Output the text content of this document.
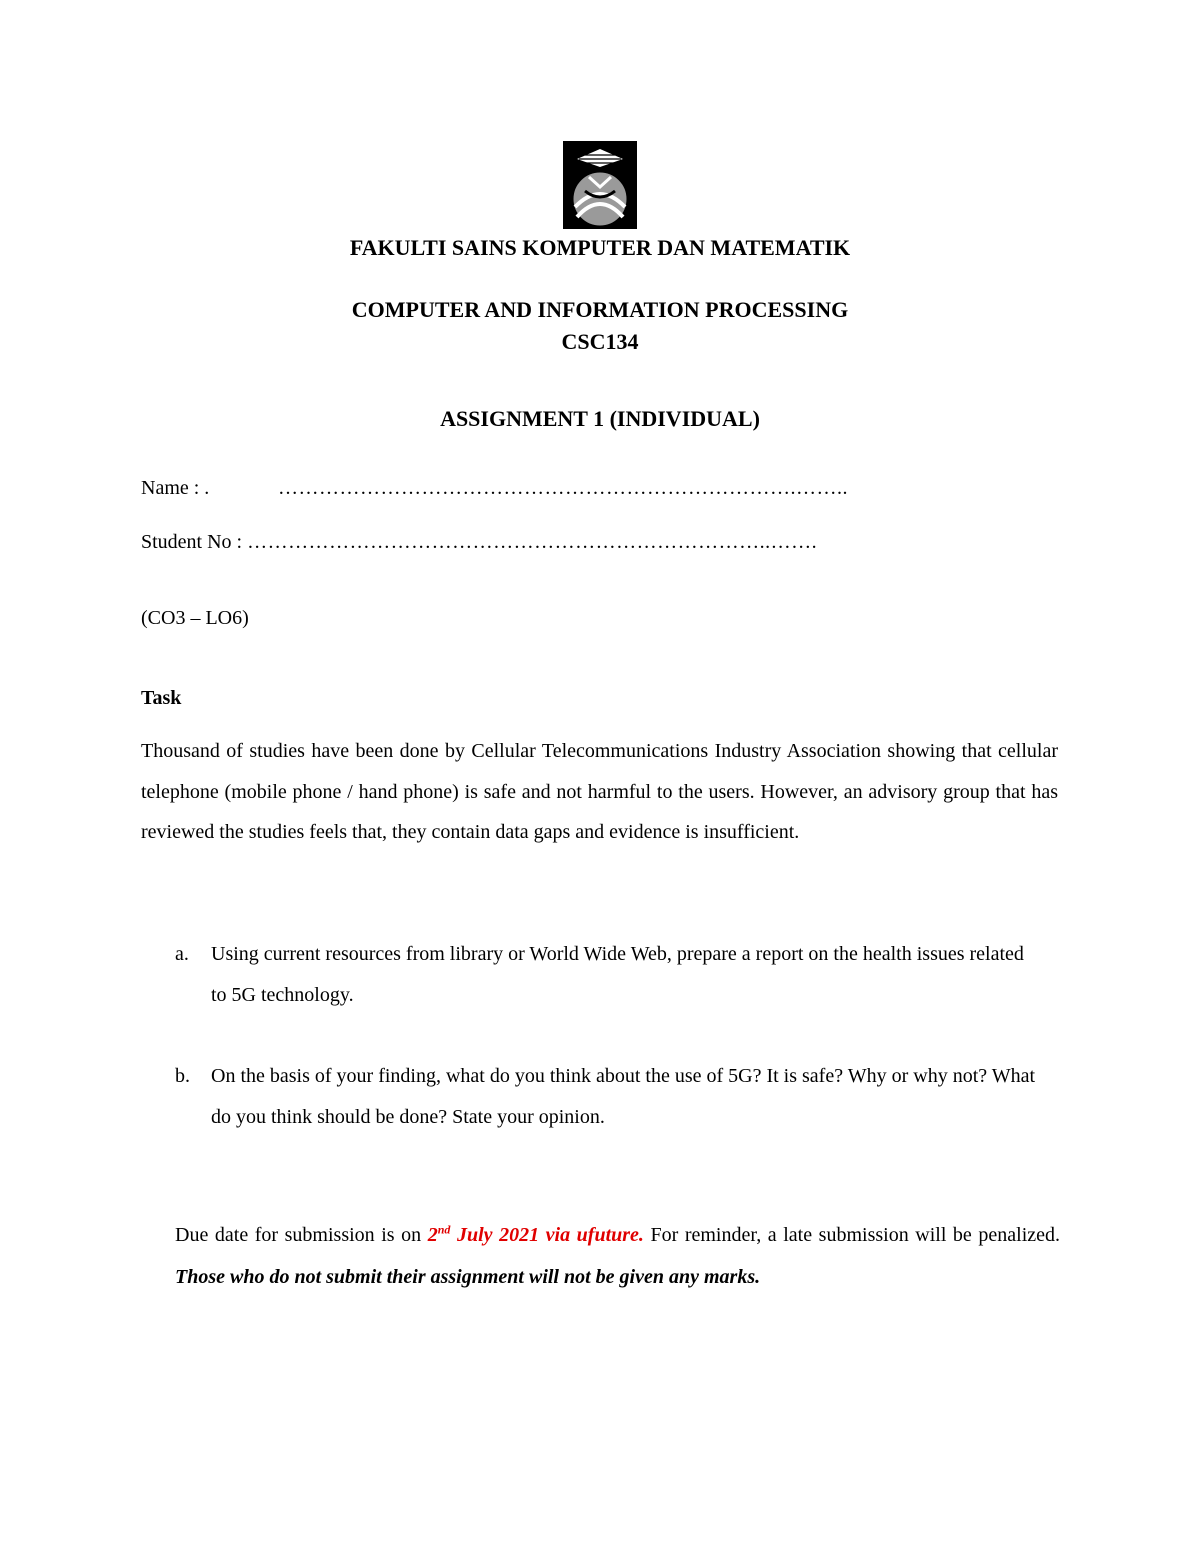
FAKULTI SAINS KOMPUTER DAN MATEMATIK
COMPUTER AND INFORMATION PROCESSING
CSC134
ASSIGNMENT 1 (INDIVIDUAL)
Name : .	………………………………………………………………….……..
Student No : …………………………………………………………………..…….
(CO3 – LO6)
Task
Thousand of studies have been done by Cellular Telecommunications Industry Association showing that cellular telephone (mobile phone / hand phone) is safe and not harmful to the users. However, an advisory group that has reviewed the studies feels that, they contain data gaps and evidence is insufficient.
a. Using current resources from library or World Wide Web, prepare a report on the health issues related to 5G technology.
b. On the basis of your finding, what do you think about the use of 5G? It is safe? Why or why not? What do you think should be done? State your opinion.
Due date for submission is on 2nd July 2021 via ufuture. For reminder, a late submission will be penalized. Those who do not submit their assignment will not be given any marks.
